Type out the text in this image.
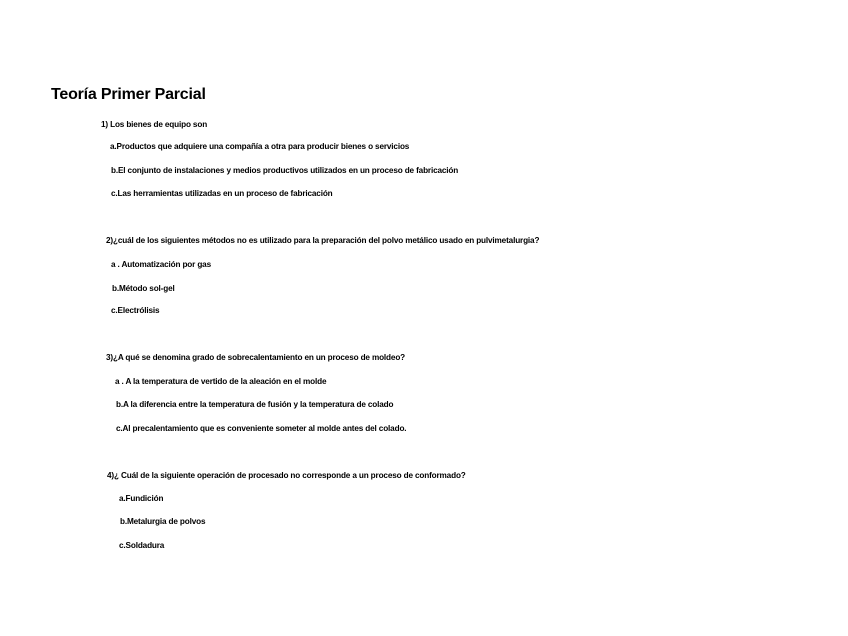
Teoría Primer Parcial
1) Los bienes de equipo son
a.Productos que adquiere una compañía a otra para producir bienes o servicios
b.El conjunto de instalaciones y medios productivos utilizados en un proceso de fabricación
c.Las herramientas utilizadas en un proceso de fabricación
2)¿cuál de los siguientes métodos no es utilizado para la preparación del polvo metálico usado en pulvimetalurgia?
a . Automatización por gas
b.Método sol-gel
c.Electrólisis
3)¿A qué se denomina grado de sobrecalentamiento en un proceso de moldeo?
a . A la temperatura de vertido de la aleación en el molde
b.A la diferencia entre la temperatura de fusión y la temperatura de colado
c.Al precalentamiento que es conveniente someter al molde antes del colado.
4)¿ Cuál de la siguiente operación de procesado no corresponde a un proceso de conformado?
a.Fundición
b.Metalurgia de polvos
c.Soldadura
